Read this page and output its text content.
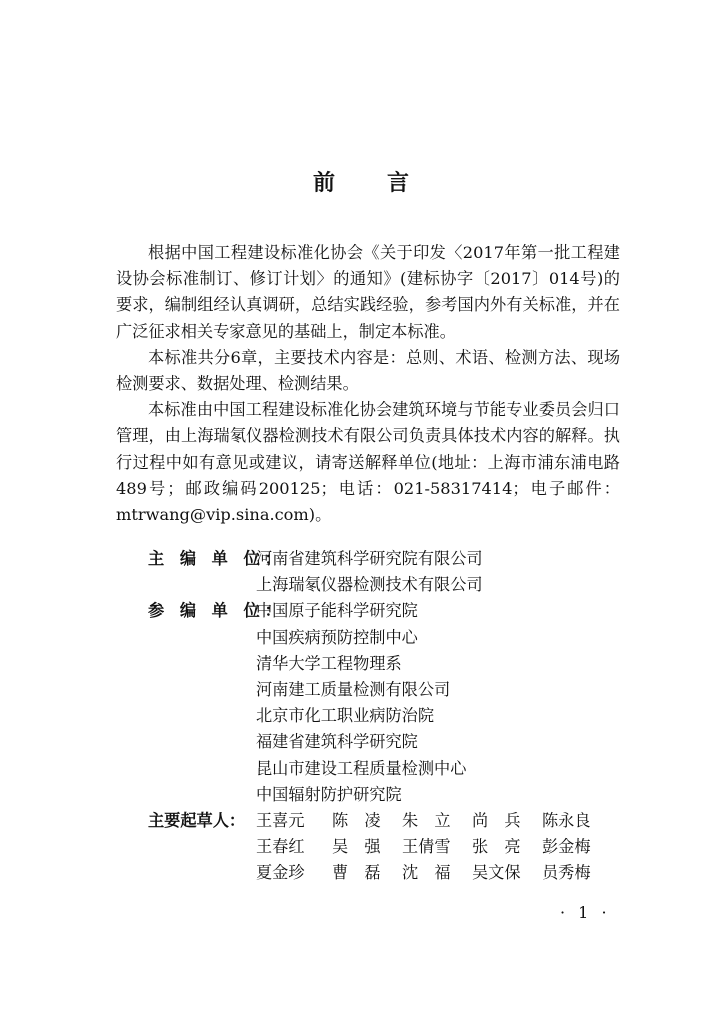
前 言

根据中国工程建设标准化协会《关于印发〈2017年第一批工程建设协会标准制订、修订计划〉的通知》(建标协字〔2017〕014号)的要求，编制组经认真调研，总结实践经验，参考国内外有关标准，并在广泛征求相关专家意见的基础上，制定本标准。

本标准共分6章，主要技术内容是：总则、术语、检测方法、现场检测要求、数据处理、检测结果。

本标准由中国工程建设标准化协会建筑环境与节能专业委员会归口管理，由上海瑞氡仪器检测技术有限公司负责具体技术内容的解释。执行过程中如有意见或建议，请寄送解释单位(地址：上海市浦东浦电路489号；邮政编码200125；电话：021-58317414；电子邮件：mtrwang@vip.sina.com)。

主 编 单 位：
河南省建筑科学研究院有限公司
上海瑞氡仪器检测技术有限公司
参 编 单 位：
中国原子能科学研究院
中国疾病预防控制中心
清华大学工程物理系
河南建工质量检测有限公司
北京市化工职业病防治院
福建省建筑科学研究院
昆山市建设工程质量检测中心
中国辐射防护研究院
主要起草人： 王喜元	陈　凌	朱　立	尚　兵	陈永良
王春红	吴　强	王倩雪	张　亮	彭金梅
夏金珍	曹　磊	沈　福	吴文保	员秀梅
· 1 ·
